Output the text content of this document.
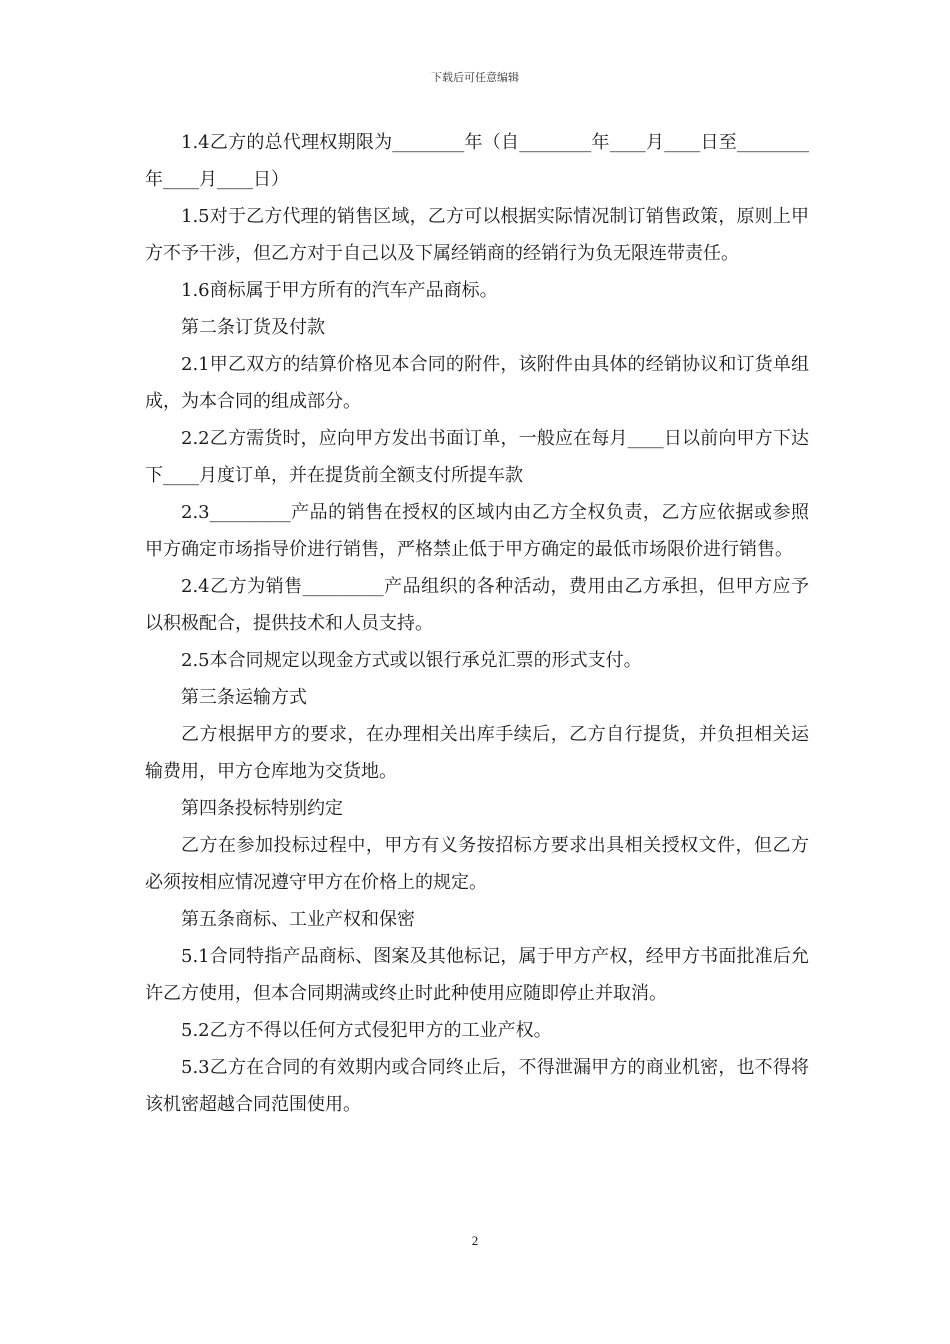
下载后可任意编辑

1.4乙方的总代理权期限为________年（自________年____月____日至________年____月____日）

1.5对于乙方代理的销售区域，乙方可以根据实际情况制订销售政策，原则上甲方不予干涉，但乙方对于自己以及下属经销商的经销行为负无限连带责任。

1.6商标属于甲方所有的汽车产品商标。

第二条订货及付款

2.1甲乙双方的结算价格见本合同的附件，该附件由具体的经销协议和订货单组成，为本合同的组成部分。

2.2乙方需货时，应向甲方发出书面订单，一般应在每月____日以前向甲方下达下____月度订单，并在提货前全额支付所提车款

2.3_________产品的销售在授权的区域内由乙方全权负责，乙方应依据或参照甲方确定市场指导价进行销售，严格禁止低于甲方确定的最低市场限价进行销售。

2.4乙方为销售_________产品组织的各种活动，费用由乙方承担，但甲方应予以积极配合，提供技术和人员支持。

2.5本合同规定以现金方式或以银行承兑汇票的形式支付。

第三条运输方式

乙方根据甲方的要求，在办理相关出库手续后，乙方自行提货，并负担相关运输费用，甲方仓库地为交货地。

第四条投标特别约定

乙方在参加投标过程中，甲方有义务按招标方要求出具相关授权文件，但乙方必须按相应情况遵守甲方在价格上的规定。

第五条商标、工业产权和保密

5.1合同特指产品商标、图案及其他标记，属于甲方产权，经甲方书面批准后允许乙方使用，但本合同期满或终止时此种使用应随即停止并取消。

5.2乙方不得以任何方式侵犯甲方的工业产权。

5.3乙方在合同的有效期内或合同终止后，不得泄漏甲方的商业机密，也不得将该机密超越合同范围使用。

2
